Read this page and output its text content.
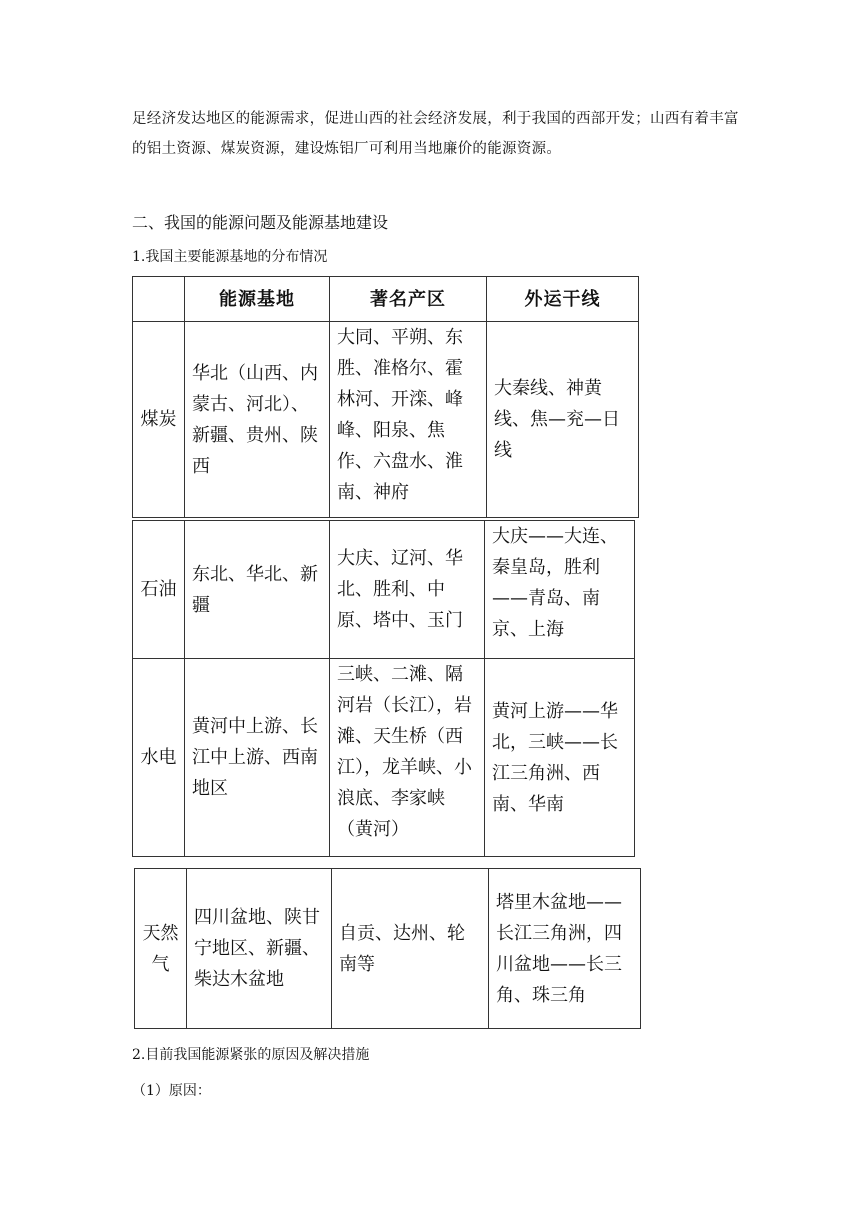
足经济发达地区的能源需求，促进山西的社会经济发展，利于我国的西部开发；山西有着丰富的铝土资源、煤炭资源，建设炼铝厂可利用当地廉价的能源资源。
二、我国的能源问题及能源基地建设
1.我国主要能源基地的分布情况
	能源基地	著名产区	外运干线
煤炭	华北（山西、内蒙古、河北）、新疆、贵州、陕西	大同、平朔、东胜、准格尔、霍林河、开滦、峰峰、阳泉、焦作、六盘水、淮南、神府	大秦线、神黄线、焦—兖—日线
石油	东北、华北、新疆	大庆、辽河、华北、胜利、中原、塔中、玉门	大庆——大连、秦皇岛，胜利——青岛、南京、上海
水电	黄河中上游、长江中上游、西南地区	三峡、二滩、隔河岩（长江），岩滩、天生桥（西江），龙羊峡、小浪底、李家峡（黄河）	黄河上游——华北，三峡——长江三角洲、西南、华南
天然气	四川盆地、陕甘宁地区、新疆、柴达木盆地	自贡、达州、轮南等	塔里木盆地——长江三角洲，四川盆地——长三角、珠三角
2.目前我国能源紧张的原因及解决措施
（1）原因：
